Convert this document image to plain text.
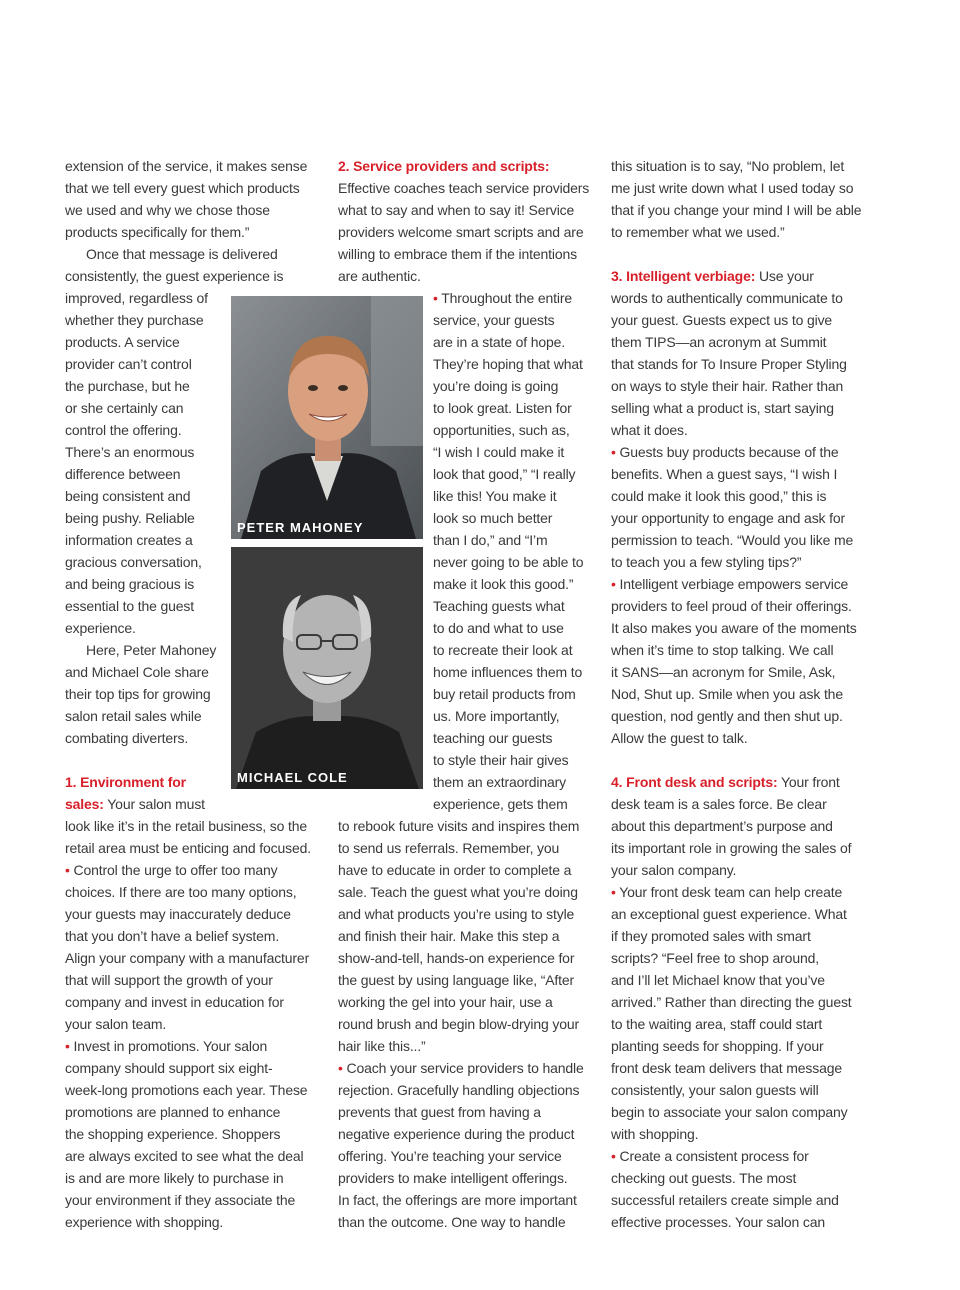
extension of the service, it makes sense
that we tell every guest which products
we used and why we chose those
products specifically for them.”
Once that message is delivered
consistently, the guest experience is
improved, regardless of
whether they purchase
products. A service
provider can’t control
the purchase, but he
or she certainly can
control the offering.
There’s an enormous
difference between
being consistent and
being pushy. Reliable
information creates a
gracious conversation,
and being gracious is
essential to the guest
experience.
Here, Peter Mahoney
and Michael Cole share
their top tips for growing
salon retail sales while
combating diverters.
1. Environment for
sales: Your salon must
look like it’s in the retail business, so the
retail area must be enticing and focused.
• Control the urge to offer too many
choices. If there are too many options,
your guests may inaccurately deduce
that you don’t have a belief system.
Align your company with a manufacturer
that will support the growth of your
company and invest in education for
your salon team.
• Invest in promotions. Your salon
company should support six eight-
week-long promotions each year. These
promotions are planned to enhance
the shopping experience. Shoppers
are always excited to see what the deal
is and are more likely to purchase in
your environment if they associate the
experience with shopping.
2. Service providers and scripts:
Effective coaches teach service providers
what to say and when to say it! Service
providers welcome smart scripts and are
willing to embrace them if the intentions
are authentic.
• Throughout the entire
service, your guests
are in a state of hope.
They’re hoping that what
you’re doing is going
to look great. Listen for
opportunities, such as,
“I wish I could make it
look that good,” “I really
like this! You make it
look so much better
than I do,” and “I’m
never going to be able to
make it look this good.”
Teaching guests what
to do and what to use
to recreate their look at
home influences them to
buy retail products from
us. More importantly,
teaching our guests
to style their hair gives
them an extraordinary
experience, gets them
to rebook future visits and inspires them
to send us referrals. Remember, you
have to educate in order to complete a
sale. Teach the guest what you’re doing
and what products you’re using to style
and finish their hair. Make this step a
show-and-tell, hands-on experience for
the guest by using language like, “After
working the gel into your hair, use a
round brush and begin blow-drying your
hair like this...”
• Coach your service providers to handle
rejection. Gracefully handling objections
prevents that guest from having a
negative experience during the product
offering. You’re teaching your service
providers to make intelligent offerings.
In fact, the offerings are more important
than the outcome. One way to handle
this situation is to say, “No problem, let
me just write down what I used today so
that if you change your mind I will be able
to remember what we used.”
3. Intelligent verbiage: Use your
words to authentically communicate to
your guest. Guests expect us to give
them TIPS—an acronym at Summit
that stands for To Insure Proper Styling
on ways to style their hair. Rather than
selling what a product is, start saying
what it does.
• Guests buy products because of the
benefits. When a guest says, “I wish I
could make it look this good,” this is
your opportunity to engage and ask for
permission to teach. “Would you like me
to teach you a few styling tips?”
• Intelligent verbiage empowers service
providers to feel proud of their offerings.
It also makes you aware of the moments
when it’s time to stop talking. We call
it SANS—an acronym for Smile, Ask,
Nod, Shut up. Smile when you ask the
question, nod gently and then shut up.
Allow the guest to talk.
4. Front desk and scripts: Your front
desk team is a sales force. Be clear
about this department’s purpose and
its important role in growing the sales of
your salon company.
• Your front desk team can help create
an exceptional guest experience. What
if they promoted sales with smart
scripts? “Feel free to shop around,
and I’ll let Michael know that you’ve
arrived.” Rather than directing the guest
to the waiting area, staff could start
planting seeds for shopping. If your
front desk team delivers that message
consistently, your salon guests will
begin to associate your salon company
with shopping.
• Create a consistent process for
checking out guests. The most
successful retailers create simple and
effective processes. Your salon can
PETER MAHONEY
MICHAEL COLE
